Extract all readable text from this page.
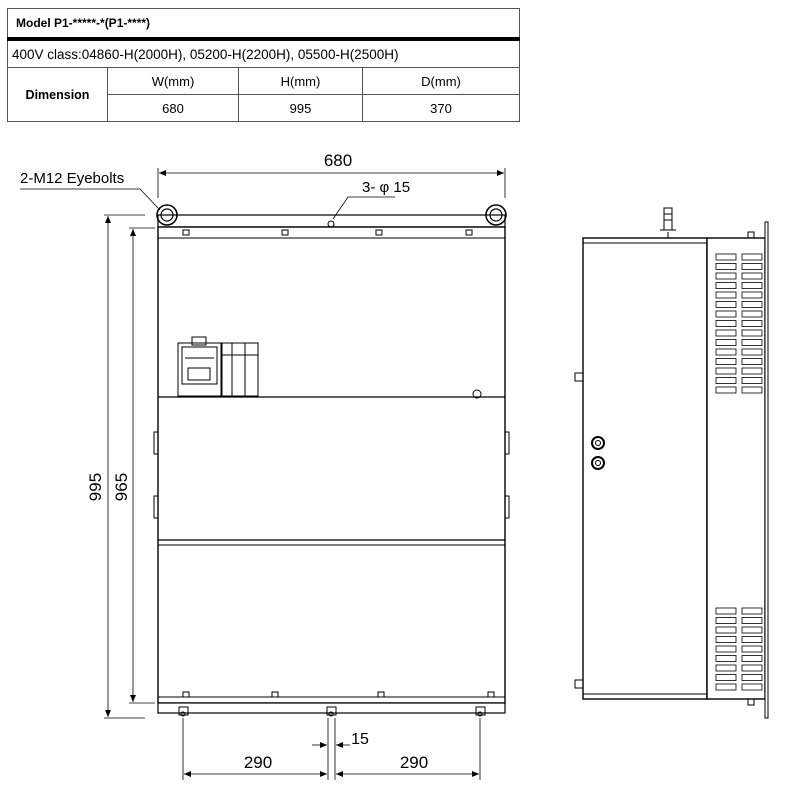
Model P1-*****-*(P1-****)			
400V class:04860-H(2000H), 05200-H(2200H), 05500-H(2500H)			
Dimension	W(mm)	H(mm)	D(mm)
	680	995	370
2-M12 Eyebolts
3- φ 15
680
995 965
290	290
15
